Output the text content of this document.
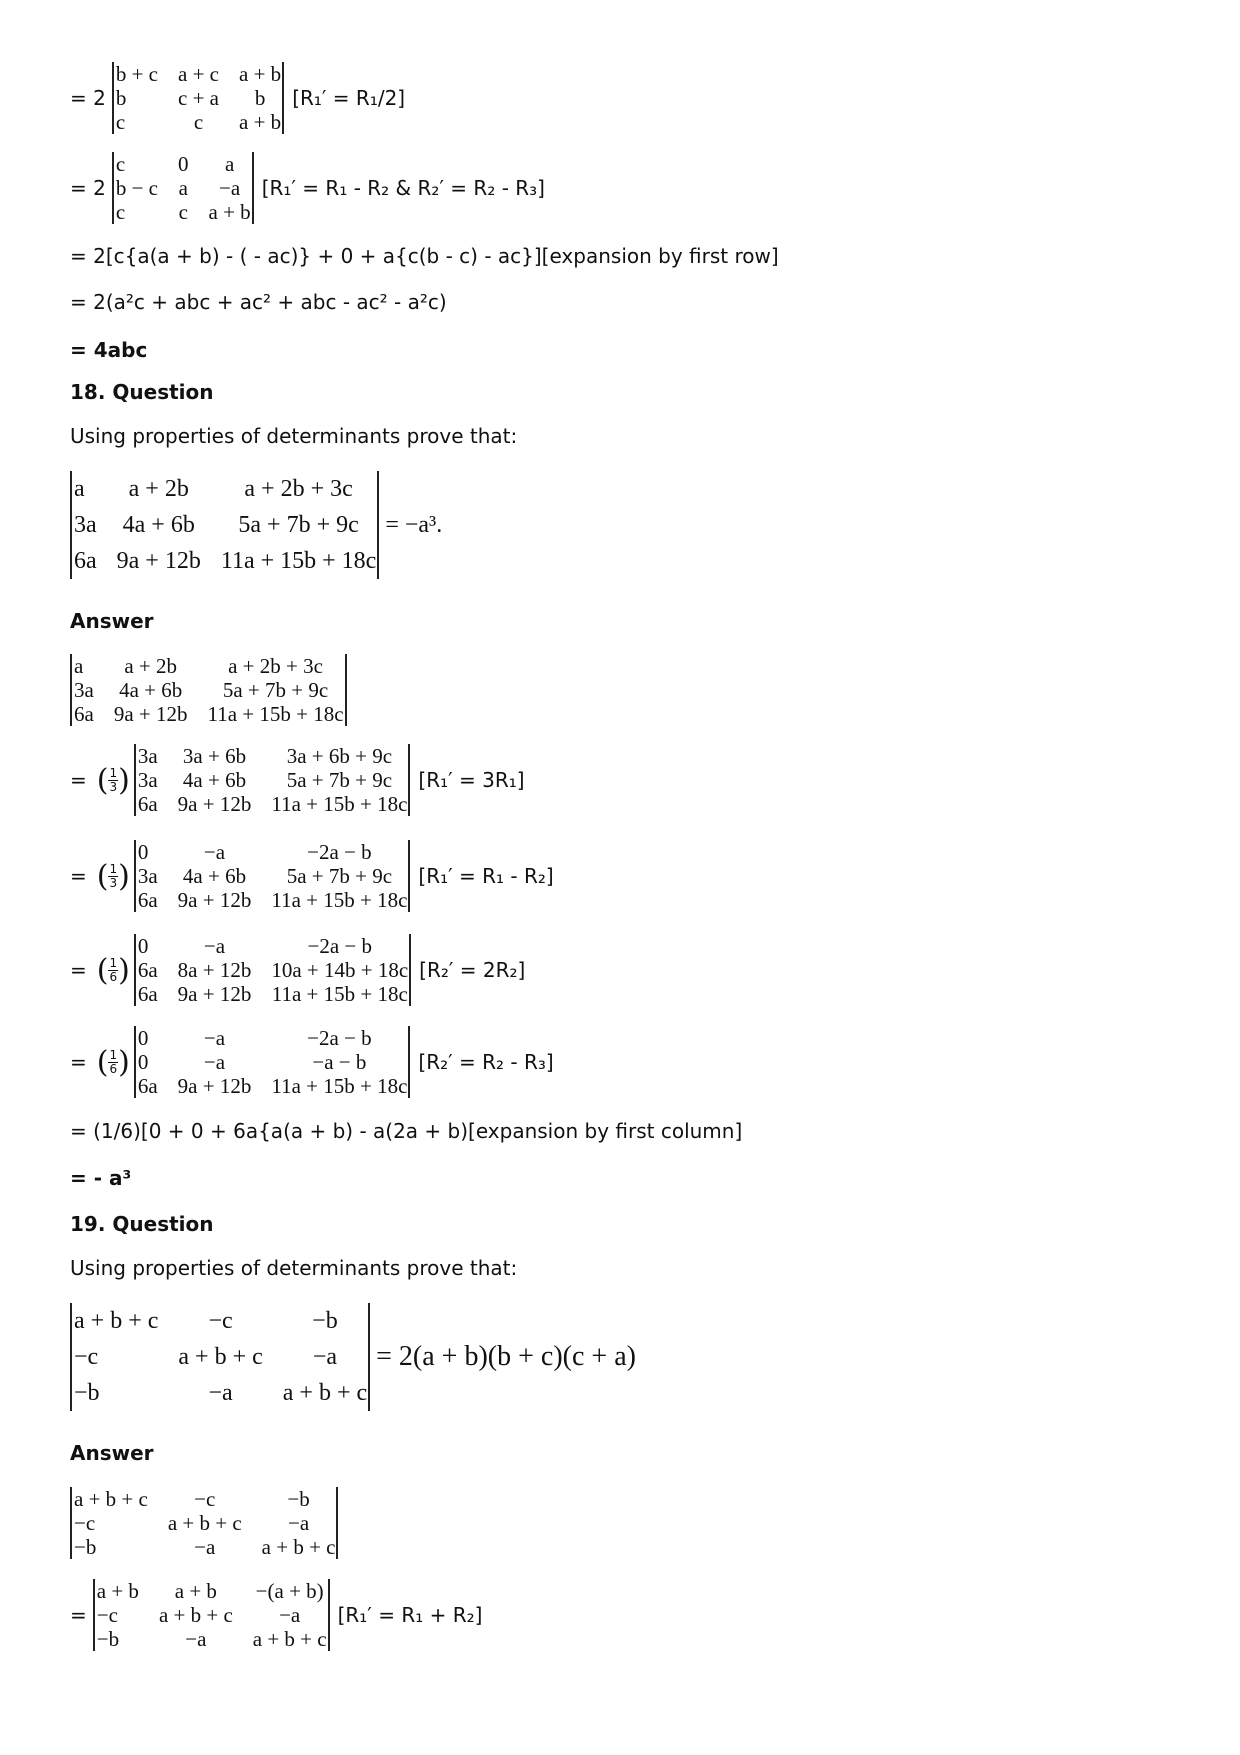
= 2
b + c	a + c	a + b
b	c + a	b
c	c	a + b
[R₁′ = R₁/2]
= 2
c	0	a
b − c	a	−a
c	c	a + b
[R₁′ = R₁ - R₂ & R₂′ = R₂ - R₃]
= 2[c{a(a + b) - ( - ac)} + 0 + a{c(b - c) - ac}][expansion by first row]
= 2(a²c + abc + ac² + abc - ac² - a²c)
= 4abc
18. Question
Using properties of determinants prove that:
a	a + 2b	a + 2b + 3c
3a	4a + 6b	5a + 7b + 9c
6a	9a + 12b	11a + 15b + 18c
= −a³.
Answer
a	a + 2b	a + 2b + 3c
3a	4a + 6b	5a + 7b + 9c
6a	9a + 12b	11a + 15b + 18c
= ( $\frac{1}{3}$ )
3a	3a + 6b	3a + 6b + 9c
3a	4a + 6b	5a + 7b + 9c
6a	9a + 12b	11a + 15b + 18c
[R₁′ = 3R₁]
= ( $\frac{1}{3}$ )
0	−a	−2a − b
3a	4a + 6b	5a + 7b + 9c
6a	9a + 12b	11a + 15b + 18c
[R₁′ = R₁ - R₂]
= ( $\frac{1}{6}$ )
0	−a	−2a − b
6a	8a + 12b	10a + 14b + 18c
6a	9a + 12b	11a + 15b + 18c
[R₂′ = 2R₂]
= ( $\frac{1}{6}$ )
0	−a	−2a − b
0	−a	−a − b
6a	9a + 12b	11a + 15b + 18c
[R₂′ = R₂ - R₃]
= (1/6)[0 + 0 + 6a{a(a + b) - a(2a + b)[expansion by first column]
= - a³
19. Question
Using properties of determinants prove that:
a + b + c	−c	−b
−c	a + b + c	−a
−b	−a	a + b + c
= 2(a + b)(b + c)(c + a)
Answer
a + b + c	−c	−b
−c	a + b + c	−a
−b	−a	a + b + c
=
a + b	a + b	−(a + b)
−c	a + b + c	−a
−b	−a	a + b + c
[R₁′ = R₁ + R₂]
